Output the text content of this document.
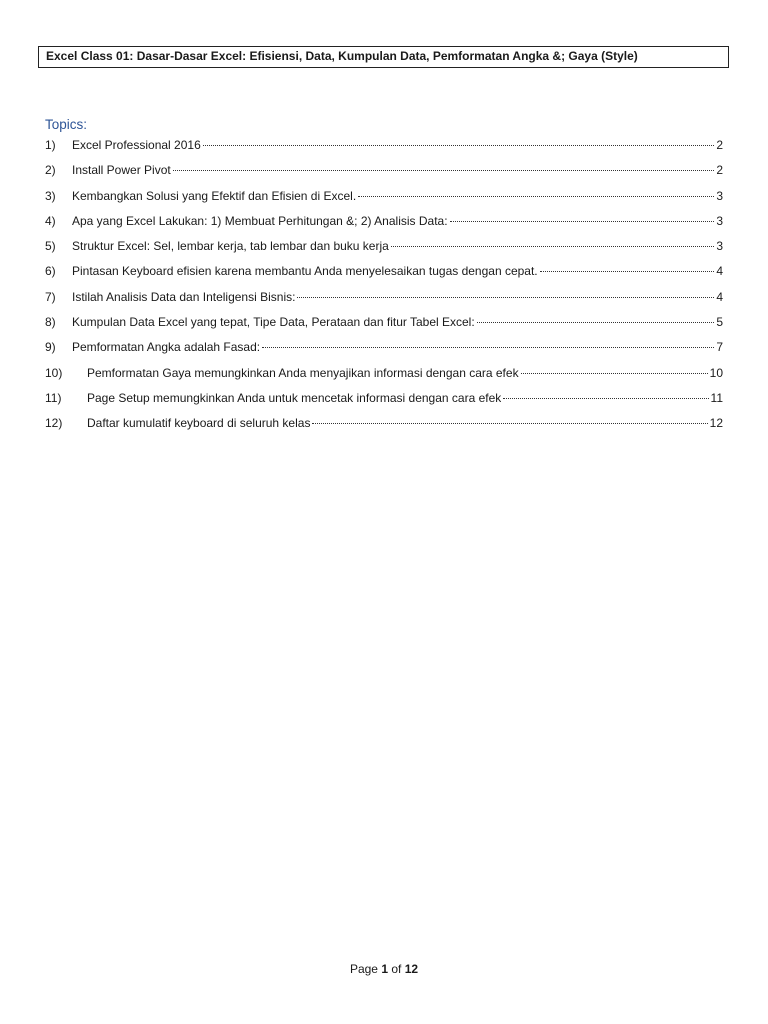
Excel Class 01: Dasar-Dasar Excel: Efisiensi, Data, Kumpulan Data, Pemformatan Angka &; Gaya (Style)
Topics:
1)	Excel Professional 2016	2
2)	Install Power Pivot	2
3)	Kembangkan Solusi yang Efektif dan Efisien di Excel.	3
4)	Apa yang Excel Lakukan: 1) Membuat Perhitungan &; 2) Analisis Data:	3
5)	Struktur Excel: Sel, lembar kerja, tab lembar dan buku kerja	3
6)	Pintasan Keyboard efisien karena membantu Anda menyelesaikan tugas dengan cepat.	4
7)	Istilah Analisis Data dan Inteligensi Bisnis:	4
8)	Kumpulan Data Excel yang tepat, Tipe Data, Perataan dan fitur Tabel Excel:	5
9)	Pemformatan Angka adalah Fasad:	7
10)	Pemformatan Gaya memungkinkan Anda menyajikan informasi dengan cara efek	10
11)	Page Setup memungkinkan Anda untuk mencetak informasi dengan cara efek	11
12)	Daftar kumulatif keyboard di seluruh kelas	12
Page 1 of 12
